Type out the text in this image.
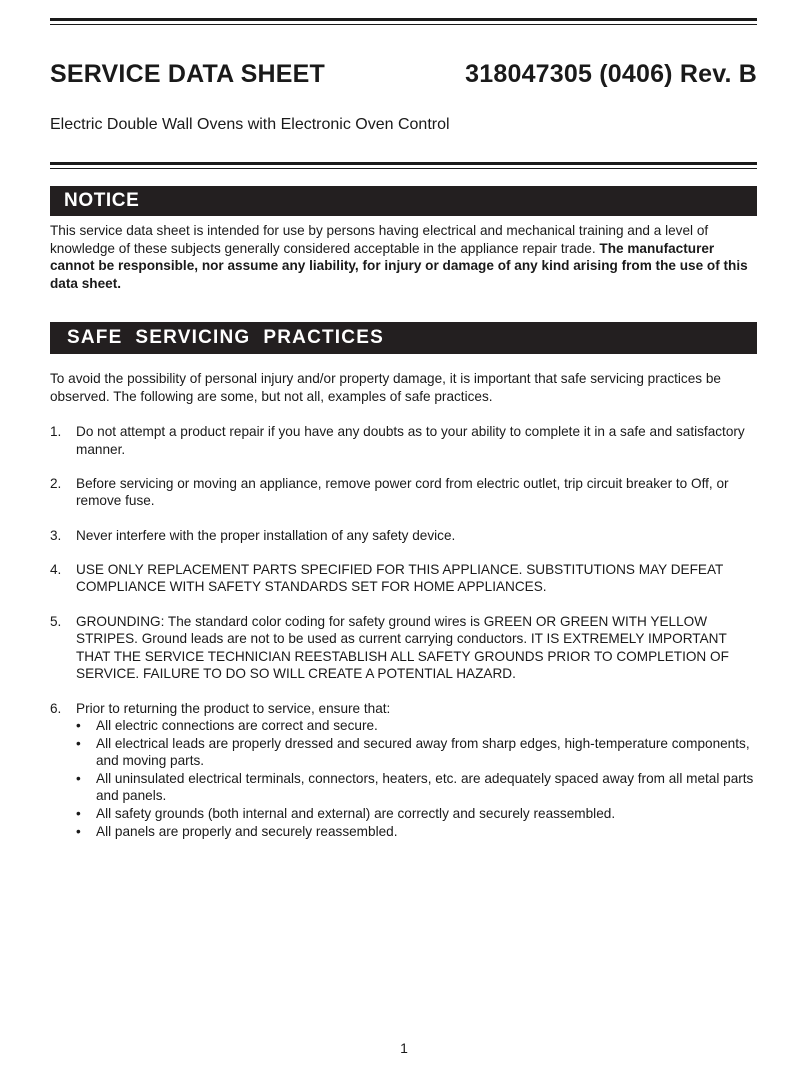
SERVICE DATA SHEET	318047305 (0406) Rev. B
Electric Double Wall Ovens with Electronic Oven Control
NOTICE
This service data sheet is intended for use by persons having electrical and mechanical training and a level of knowledge of these subjects generally considered acceptable in the appliance repair trade. The manufacturer cannot be responsible, nor assume any liability, for injury or damage of any kind arising from the use of this data sheet.
SAFE  SERVICING  PRACTICES
To avoid the possibility of personal injury and/or property damage, it is important that safe servicing practices be observed. The following are some, but not all, examples of safe practices.
1.	Do not attempt a product repair if you have any doubts as to your ability to complete it in a safe and satisfactory manner.
2.	Before servicing or moving an appliance, remove power cord from electric outlet, trip circuit breaker to Off, or remove fuse.
3.	Never interfere with the proper installation of any safety device.
4.	USE ONLY REPLACEMENT PARTS SPECIFIED FOR THIS APPLIANCE. SUBSTITUTIONS MAY DEFEAT COMPLIANCE WITH SAFETY STANDARDS SET FOR HOME APPLIANCES.
5.	GROUNDING: The standard color coding for safety ground wires is GREEN OR GREEN WITH YELLOW STRIPES. Ground leads are not to be used as current carrying conductors. IT IS EXTREMELY IMPORTANT THAT THE SERVICE TECHNICIAN REESTABLISH ALL SAFETY GROUNDS PRIOR TO COMPLETION OF SERVICE. FAILURE TO DO SO WILL CREATE A POTENTIAL HAZARD.
6.	Prior to returning the product to service, ensure that:
•	All electric connections are correct and secure.
•	All electrical leads are properly dressed and secured away from sharp edges, high-temperature components, and moving parts.
•	All uninsulated electrical terminals, connectors, heaters, etc. are adequately spaced away from all metal parts and panels.
•	All safety grounds (both internal and external) are correctly and securely reassembled.
•	All panels are properly and securely reassembled.
1
